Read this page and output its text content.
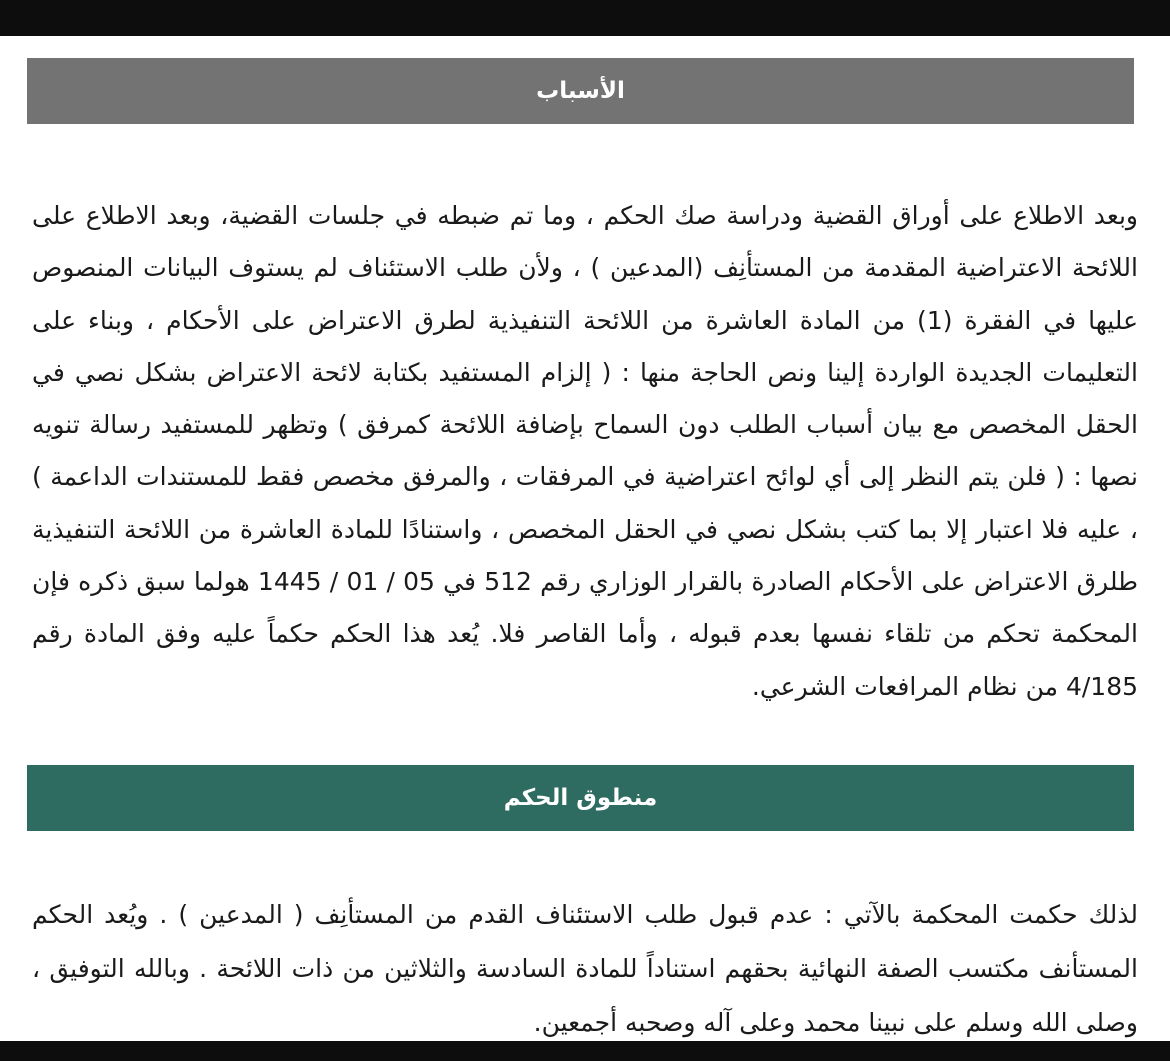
الأسباب

وبعد الاطلاع على أوراق القضية ودراسة صك الحكم ، وما تم ضبطه في جلسات القضية، وبعد الاطلاع على اللائحة الاعتراضية المقدمة من المستأنِف (المدعين ) ، ولأن طلب الاستئناف لم يستوف البيانات المنصوص عليها في الفقرة (1) من المادة العاشرة من اللائحة التنفيذية لطرق الاعتراض على الأحكام ، وبناء على التعليمات الجديدة الواردة إلينا ونص الحاجة منها : ( إلزام المستفيد بكتابة لائحة الاعتراض بشكل نصي في الحقل المخصص مع بيان أسباب الطلب دون السماح بإضافة اللائحة كمرفق ) وتظهر للمستفيد رسالة تنويه نصها : ( فلن يتم النظر إلى أي لوائح اعتراضية في المرفقات ، والمرفق مخصص فقط للمستندات الداعمة ) ، عليه فلا اعتبار إلا بما كتب بشكل نصي في الحقل المخصص ، واستنادًا للمادة العاشرة من اللائحة التنفيذية طلرق الاعتراض على الأحكام الصادرة بالقرار الوزاري رقم 512 في 05 / 01 / 1445 هولما سبق ذكره فإن المحكمة تحكم من تلقاء نفسها بعدم قبوله ، وأما القاصر فلا. يُعد هذا الحكم حكماً عليه وفق المادة رقم 4/185 من نظام المرافعات الشرعي.

منطوق الحكم

لذلك حكمت المحكمة بالآتي : عدم قبول طلب الاستئناف القدم من المستأنِف ( المدعين ) . ويُعد الحكم المستأنف مكتسب الصفة النهائية بحقهم استناداً للمادة السادسة والثلاثين من ذات اللائحة . وبالله التوفيق ، وصلى الله وسلم على نبينا محمد وعلى آله وصحبه أجمعين.
